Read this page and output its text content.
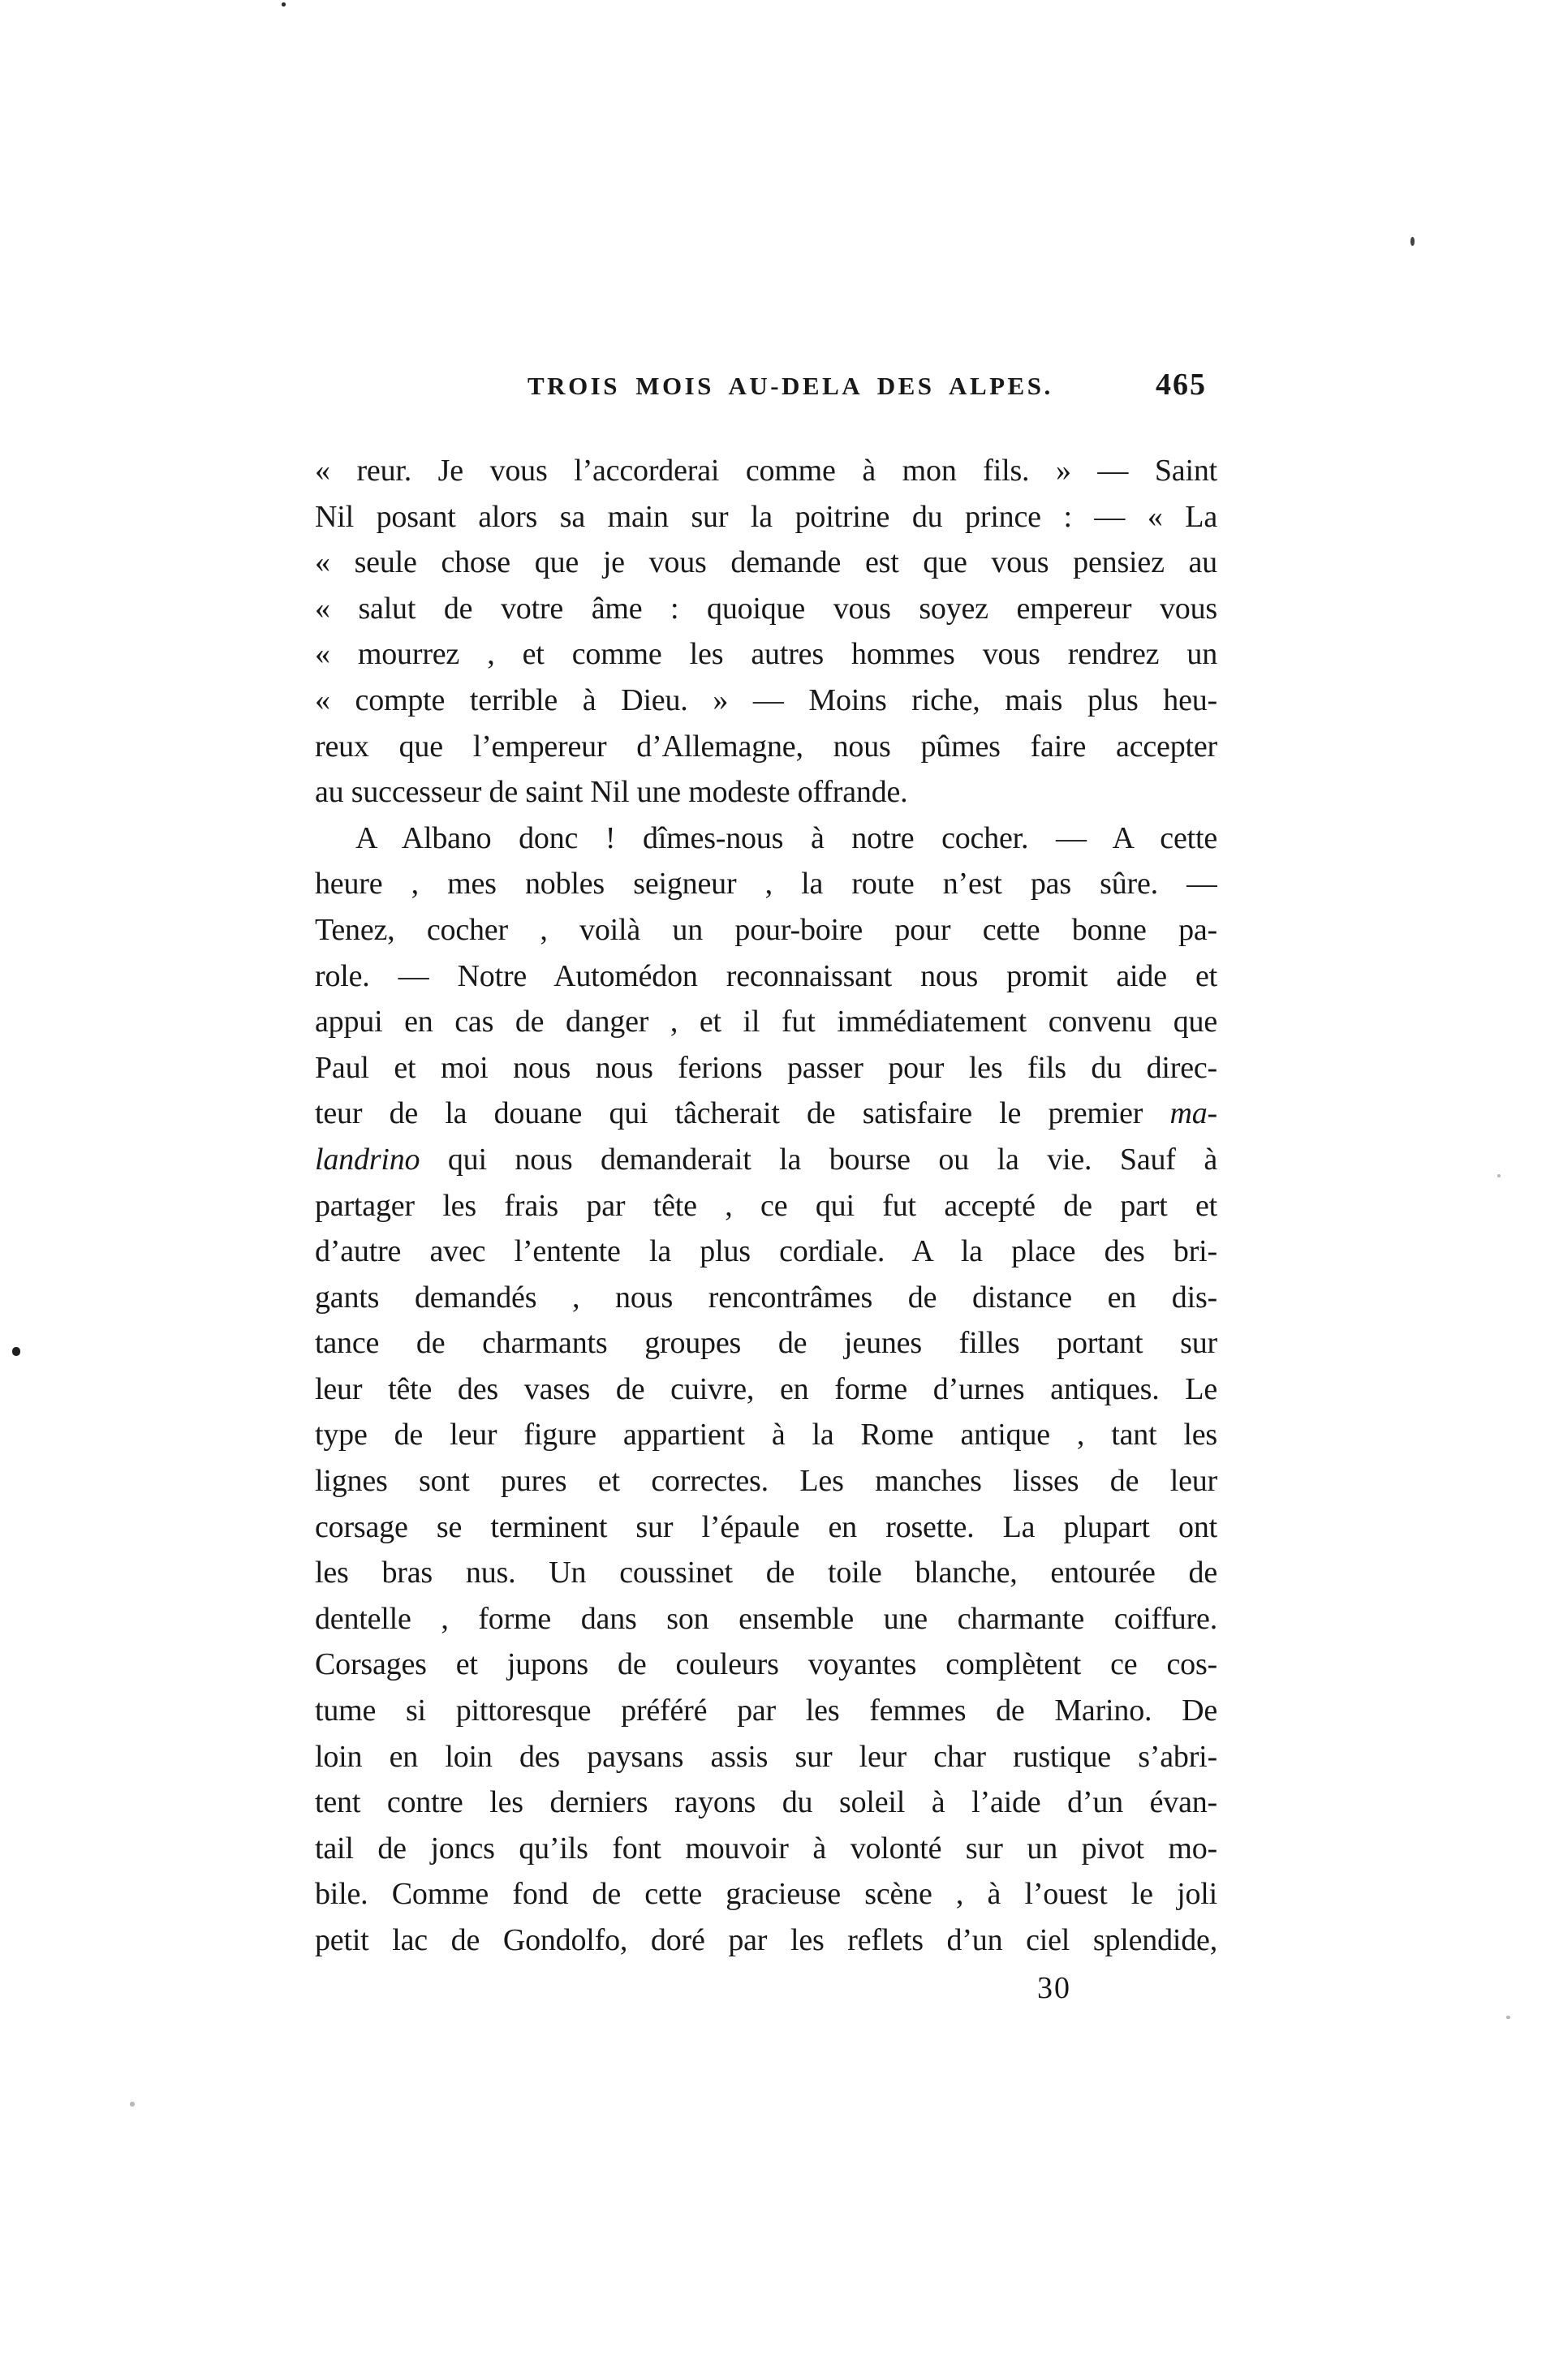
TROIS MOIS AU-DELA DES ALPES.	465
« reur. Je vous l’accorderai comme à mon fils. » — Saint
Nil posant alors sa main sur la poitrine du prince : — « La
« seule chose que je vous demande est que vous pensiez au
« salut de votre âme : quoique vous soyez empereur vous
« mourrez , et comme les autres hommes vous rendrez un
« compte terrible à Dieu. » — Moins riche, mais plus heu-
reux que l’empereur d’Allemagne, nous pûmes faire accepter
au successeur de saint Nil une modeste offrande.
A Albano donc ! dîmes-nous à notre cocher. — A cette
heure , mes nobles seigneur , la route n’est pas sûre. —
Tenez, cocher , voilà un pour-boire pour cette bonne pa-
role. — Notre Automédon reconnaissant nous promit aide et
appui en cas de danger , et il fut immédiatement convenu que
Paul et moi nous nous ferions passer pour les fils du direc-
teur de la douane qui tâcherait de satisfaire le premier ma-
landrino qui nous demanderait la bourse ou la vie. Sauf à
partager les frais par tête , ce qui fut accepté de part et
d’autre avec l’entente la plus cordiale. A la place des bri-
gants demandés , nous rencontrâmes de distance en dis-
tance de charmants groupes de jeunes filles portant sur
leur tête des vases de cuivre, en forme d’urnes antiques. Le
type de leur figure appartient à la Rome antique , tant les
lignes sont pures et correctes. Les manches lisses de leur
corsage se terminent sur l’épaule en rosette. La plupart ont
les bras nus. Un coussinet de toile blanche, entourée de
dentelle , forme dans son ensemble une charmante coiffure.
Corsages et jupons de couleurs voyantes complètent ce cos-
tume si pittoresque préféré par les femmes de Marino. De
loin en loin des paysans assis sur leur char rustique s’abri-
tent contre les derniers rayons du soleil à l’aide d’un évan-
tail de joncs qu’ils font mouvoir à volonté sur un pivot mo-
bile. Comme fond de cette gracieuse scène , à l’ouest le joli
petit lac de Gondolfo, doré par les reflets d’un ciel splendide,
30
